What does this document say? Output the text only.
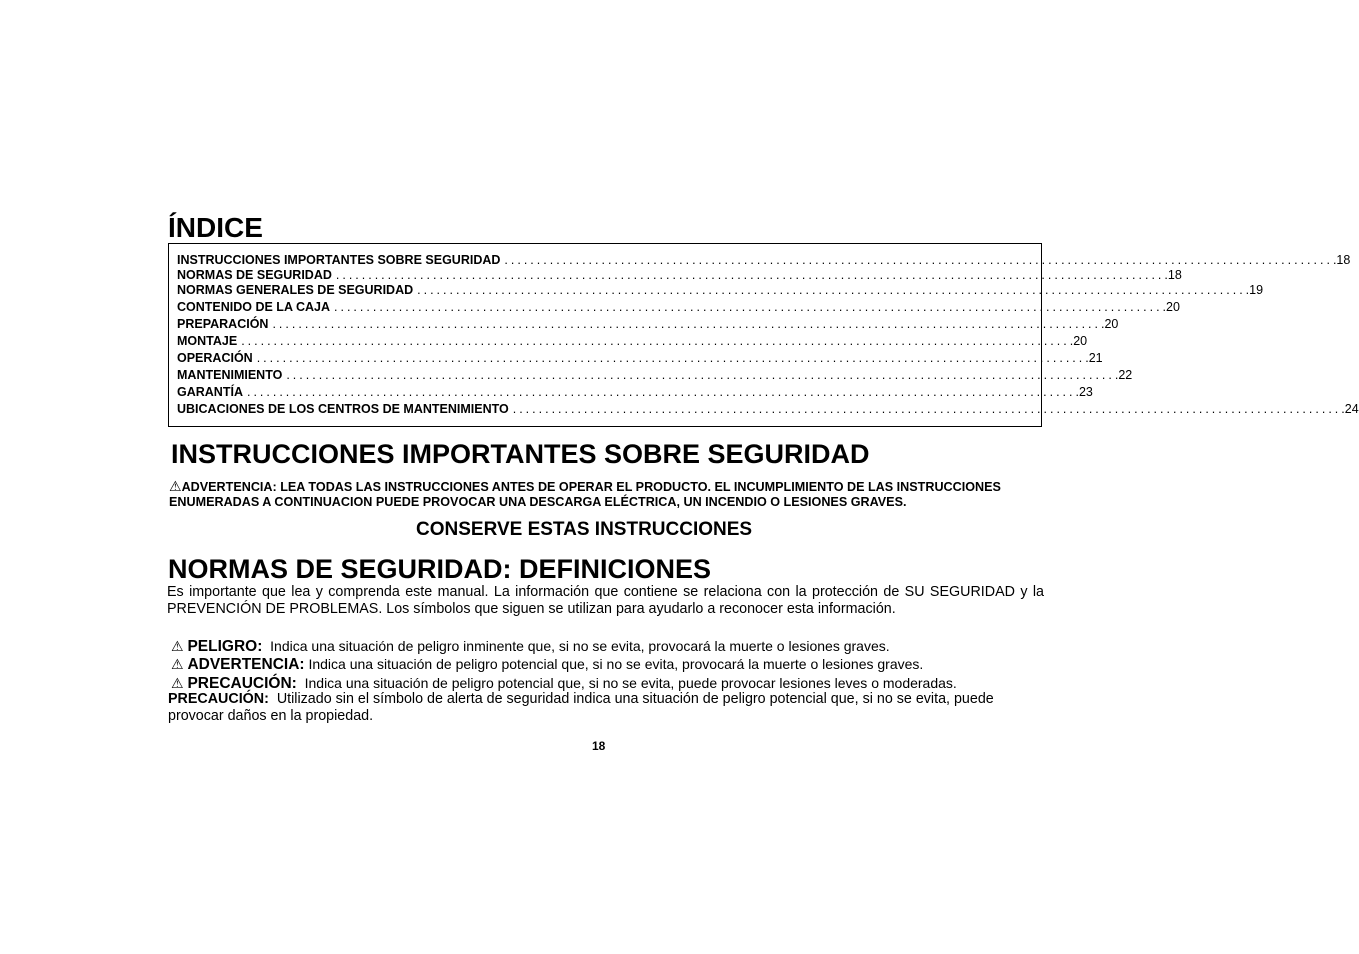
ÍNDICE
INSTRUCCIONES IMPORTANTES SOBRE SEGURIDAD ................................................................................................................................ .18
NORMAS DE SEGURIDAD ................................................................................................................................ .18
NORMAS GENERALES DE SEGURIDAD ................................................................................................................................ .19
CONTENIDO DE LA CAJA ................................................................................................................................ .20
PREPARACIÓN ................................................................................................................................ .20
MONTAJE ................................................................................................................................ .20
OPERACIÓN ................................................................................................................................ .21
MANTENIMIENTO ................................................................................................................................ .22
GARANTÍA ................................................................................................................................ .23
UBICACIONES DE LOS CENTROS DE MANTENIMIENTO ................................................................................................................................ .24
INSTRUCCIONES IMPORTANTES SOBRE SEGURIDAD

⚠ADVERTENCIA: LEA TODAS LAS INSTRUCCIONES ANTES DE OPERAR EL PRODUCTO. EL INCUMPLIMIENTO DE LAS INSTRUCCIONES ENUMERADAS A CONTINUACION PUEDE PROVOCAR UNA DESCARGA ELÉCTRICA, UN INCENDIO O LESIONES GRAVES.

CONSERVE ESTAS INSTRUCCIONES

NORMAS DE SEGURIDAD: DEFINICIONES

Es importante que lea y comprenda este manual. La información que contiene se relaciona con la protección de SU SEGURIDAD y la PREVENCIÓN DE PROBLEMAS. Los símbolos que siguen se utilizan para ayudarlo a reconocer esta información.

⚠ PELIGRO: Indica una situación de peligro inminente que, si no se evita, provocará la muerte o lesiones graves.

⚠ ADVERTENCIA: Indica una situación de peligro potencial que, si no se evita, provocará la muerte o lesiones graves.

⚠ PRECAUCIÓN: Indica una situación de peligro potencial que, si no se evita, puede provocar lesiones leves o moderadas.

PRECAUCIÓN: Utilizado sin el símbolo de alerta de seguridad indica una situación de peligro potencial que, si no se evita, puede provocar daños en la propiedad.

18
